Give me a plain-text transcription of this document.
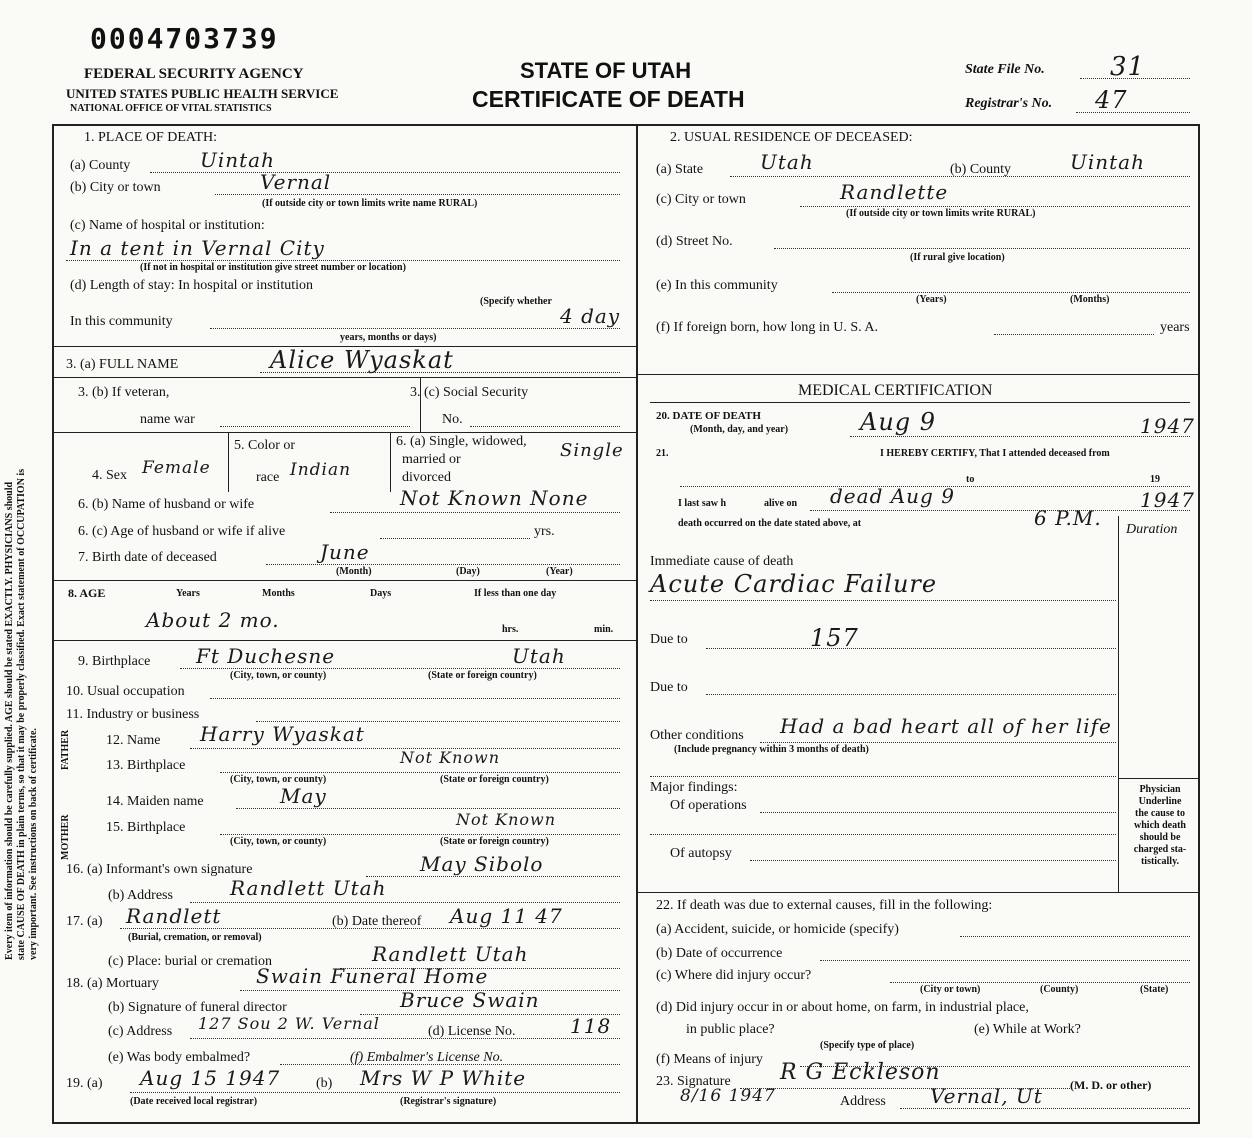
Every item of information should be carefully supplied. AGE should be stated EXACTLY. PHYSICIANS should state CAUSE OF DEATH in plain terms, so that it may be properly classified. Exact statement of OCCUPATION is very important. See instructions on back of certificate.
0004703739
FEDERAL SECURITY AGENCY
UNITED STATES PUBLIC HEALTH SERVICE
NATIONAL OFFICE OF VITAL STATISTICS
STATE OF UTAH
CERTIFICATE OF DEATH
State File No.	31
Registrar's No. 47
1. PLACE OF DEATH:
(a) County	Uintah
(b) City or town	Vernal
(If outside city or town limits write name RURAL)
(c) Name of hospital or institution:
In a tent in Vernal City
(If not in hospital or institution give street number or location)
(d) Length of stay: In hospital or institution
(Specify whether
In this community	4 day
years, months or days)
3. (a) FULL NAME	Alice Wyaskat
3. (b) If veteran,
name war
3. (c) Social Security
No.
4. Sex Female
5. Color or
race Indian
6. (a) Single, widowed,
married or
divorced
Single
6. (b) Name of husband or wife	Not Known None
6. (c) Age of husband or wife if alive	yrs.
7. Birth date of deceased	June
(Month)	(Day)	(Year)
8. AGE	Years	Months	Days	If less than one day
About 2 mo.	hrs.	min.
9. Birthplace Ft Duchesne	Utah
(City, town, or county)	(State or foreign country)
10. Usual occupation
11. Industry or business
FATHER
MOTHER
12. Name Harry Wyaskat
13. Birthplace	Not Known
(City, town, or county)	(State or foreign country)
14. Maiden name	May
15. Birthplace	Not Known
(City, town, or county)	(State or foreign country)
16. (a) Informant's own signature	May Sibolo
(b) Address	Randlett Utah
17. (a) Randlett	(b) Date thereof Aug 11 47
(Burial, cremation, or removal)
(c) Place: burial or cremation	Randlett Utah
18. (a) Mortuary	Swain Funeral Home
(b) Signature of funeral director	Bruce Swain
(c) Address 127 Sou 2 W. Vernal	(d) License No.	118
(e) Was body embalmed?	(f) Embalmer's License No.
19. (a) Aug 15 1947	(b) Mrs W P White
(Date received local registrar)	(Registrar's signature)
2. USUAL RESIDENCE OF DECEASED:
(a) State	Utah	(b) County	Uintah
(c) City or town	Randlette
(If outside city or town limits write RURAL)
(d) Street No.
(If rural give location)
(e) In this community
(Years)	(Months)
(f) If foreign born, how long in U. S. A.	years
MEDICAL CERTIFICATION
20. DATE OF DEATH
(Month, day, and year)	Aug 9	1947
21.	I HEREBY CERTIFY, That I attended deceased from
to	19
I last saw h	alive on dead Aug 9	1947
death occurred on the date stated above, at	6 P.M. Duration
Immediate cause of death
Acute Cardiac Failure
Due to	157
Due to
Other conditions Had a bad heart all of her life
(Include pregnancy within 3 months of death)
Major findings:
Of operations
Of autopsy
Physician
Underline
the cause to
which death
should be
charged sta-
tistically.
22. If death was due to external causes, fill in the following:
(a) Accident, suicide, or homicide (specify)
(b) Date of occurrence
(c) Where did injury occur?
(City or town)	(County)	(State)
(d) Did injury occur in or about home, on farm, in industrial place,
in public place?	(e) While at Work?
(Specify type of place)
(f) Means of injury
23. Signature R G Eckleson	(M. D. or other)
8/16 1947	Address Vernal, Ut
